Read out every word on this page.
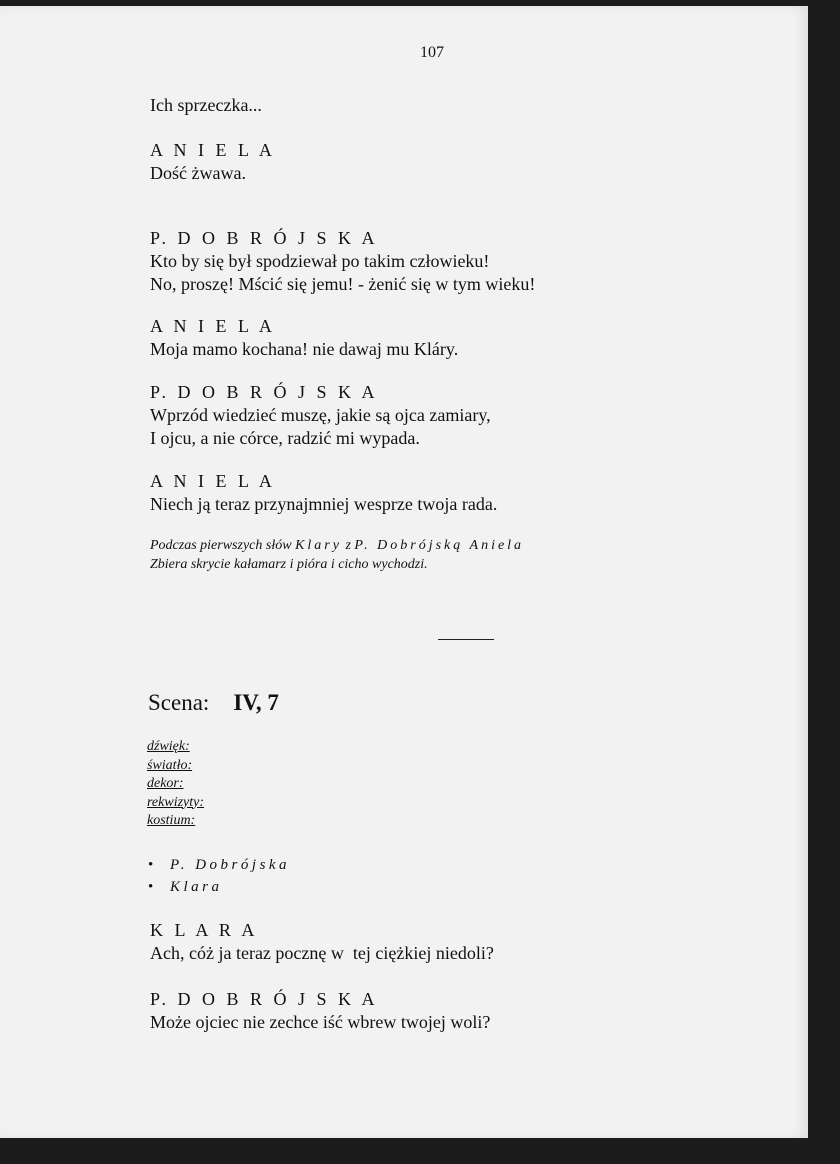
107
Ich sprzeczka...
A N I E L A
Dość żwawa.
P. D O B R Ó J S K A
Kto by się był spodziewał po takim człowieku!
No, proszę! Mścić się jemu! - żenić się w tym wieku!
A N I E L A
Moja mamo kochana! nie dawaj mu Kláry.
P. D O B R Ó J S K A
Wprzód wiedzieć muszę, jakie są ojca zamiary,
I ojcu, a nie córce, radzić mi wypada.
A N I E L A
Niech ją teraz przynajmniej wesprze twoja rada.
Podczas pierwszych słów Klary z P. Dobrójską Aniela
Zbiera skrycie kałamarz i pióra i cicho wychodzi.
Scena: IV, 7
dźwięk:
światło:
dekor:
rekwizyty:
kostium:
• P. Dobrójska
• Klara
K L A R A
Ach, cóż ja teraz pocznę w  tej ciężkiej niedoli?
P. D O B R Ó J S K A
Może ojciec nie zechce iść wbrew twojej woli?
